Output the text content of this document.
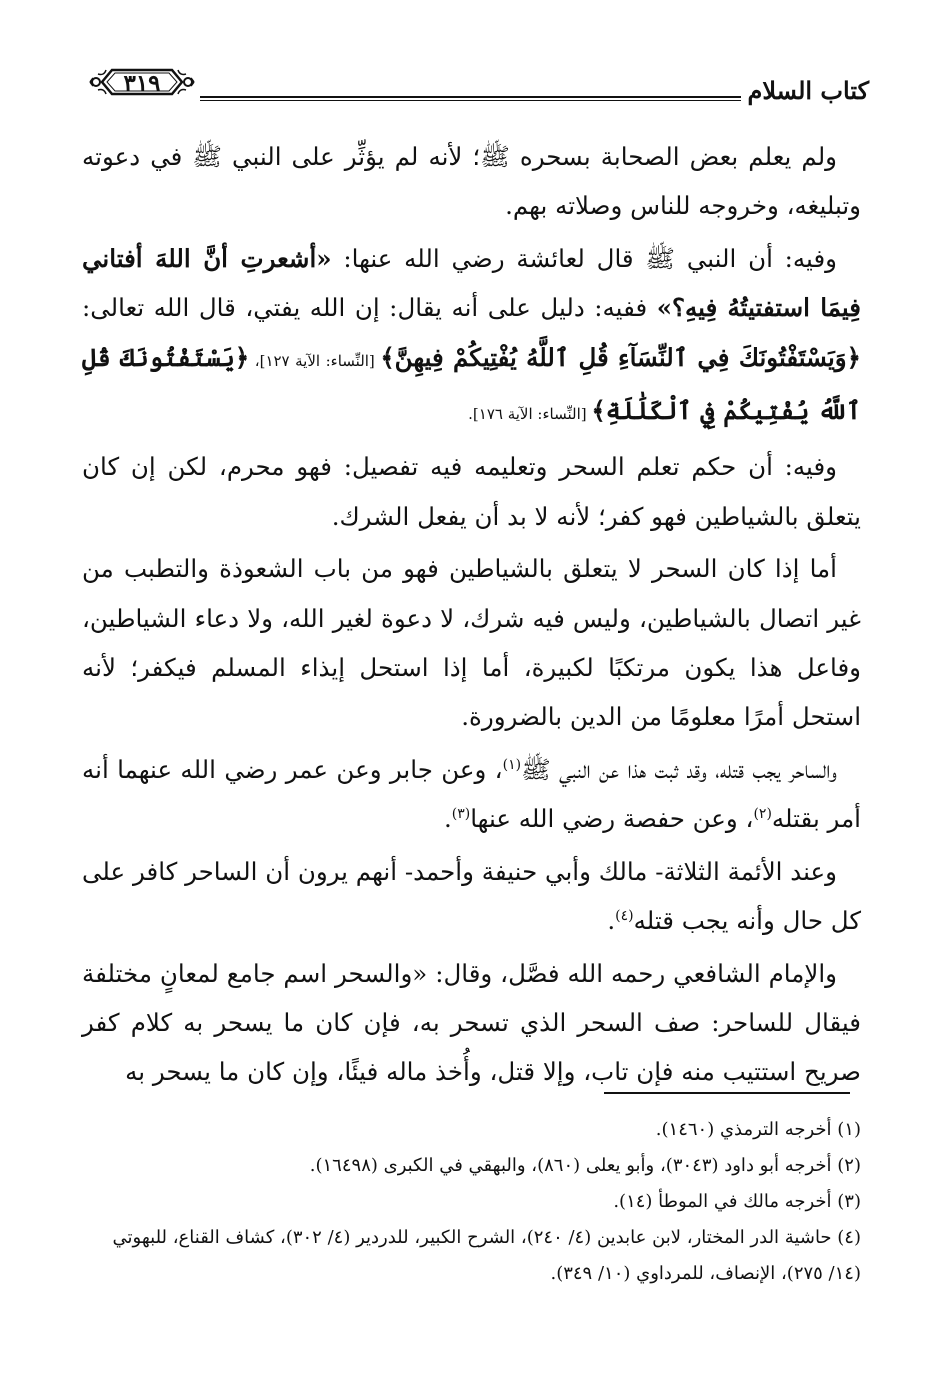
كتاب السلام
٣١٩

ولم يعلم بعض الصحابة بسحره ﷺ؛ لأنه لم يؤثِّر على النبي ﷺ في دعوته وتبليغه، وخروجه للناس وصلاته بهم.

وفيه: أن النبي ﷺ قال لعائشة رضي الله عنها: «أشعرتِ أنَّ اللهَ أفتاني فِيمَا استفتيتُهُ فِيهِ؟» ففيه: دليل على أنه يقال: إن الله يفتي، قال الله تعالى: ﴿وَيَسْتَفْتُونَكَ فِي ٱلنِّسَآءِ قُلِ ٱللَّهُ يُفْتِيكُمْ فِيهِنَّ﴾ [النِّساء: الآية ١٢٧]، ﴿يَسْتَفْتُونَكَ قُلِ ٱللَّهُ يُفْتِيكُمْ فِي ٱلْكَلَٰلَةِ﴾ [النِّساء: الآية ١٧٦].

وفيه: أن حكم تعلم السحر وتعليمه فيه تفصيل: فهو محرم، لكن إن كان يتعلق بالشياطين فهو كفر؛ لأنه لا بد أن يفعل الشرك.

أما إذا كان السحر لا يتعلق بالشياطين فهو من باب الشعوذة والتطبب من غير اتصال بالشياطين، وليس فيه شرك، لا دعوة لغير الله، ولا دعاء الشياطين، وفاعل هذا يكون مرتكبًا لكبيرة، أما إذا استحل إيذاء المسلم فيكفر؛ لأنه استحل أمرًا معلومًا من الدين بالضرورة.

والساحر يجب قتله، وقد ثبت هذا عن النبي ﷺ$^{(١)}$، وعن جابر وعن عمر رضي الله عنهما أنه أمر بقتله$^{(٢)}$، وعن حفصة رضي الله عنها$^{(٣)}$.

وعند الأئمة الثلاثة- مالك وأبي حنيفة وأحمد- أنهم يرون أن الساحر كافر على كل حال وأنه يجب قتله$^{(٤)}$.

والإمام الشافعي رحمه الله فصَّل، وقال: «والسحر اسم جامع لمعانٍ مختلفة فيقال للساحر: صف السحر الذي تسحر به، فإن كان ما يسحر به كلام كفر صريح استتيب منه فإن تاب، وإلا قتل، وأُخذ ماله فيئًا، وإن كان ما يسحر به

(١) أخرجه الترمذي (١٤٦٠).

(٢) أخرجه أبو داود (٣٠٤٣)، وأبو يعلى (٨٦٠)، والبهقي في الكبرى (١٦٤٩٨).

(٣) أخرجه مالك في الموطأ (١٤).

(٤) حاشية الدر المختار، لابن عابدين (٤/ ٢٤٠)، الشرح الكبير، للدردير (٤/ ٣٠٢)، كشاف القناع، للبهوتي (١٤/ ٢٧٥)، الإنصاف، للمرداوي (١٠/ ٣٤٩).
